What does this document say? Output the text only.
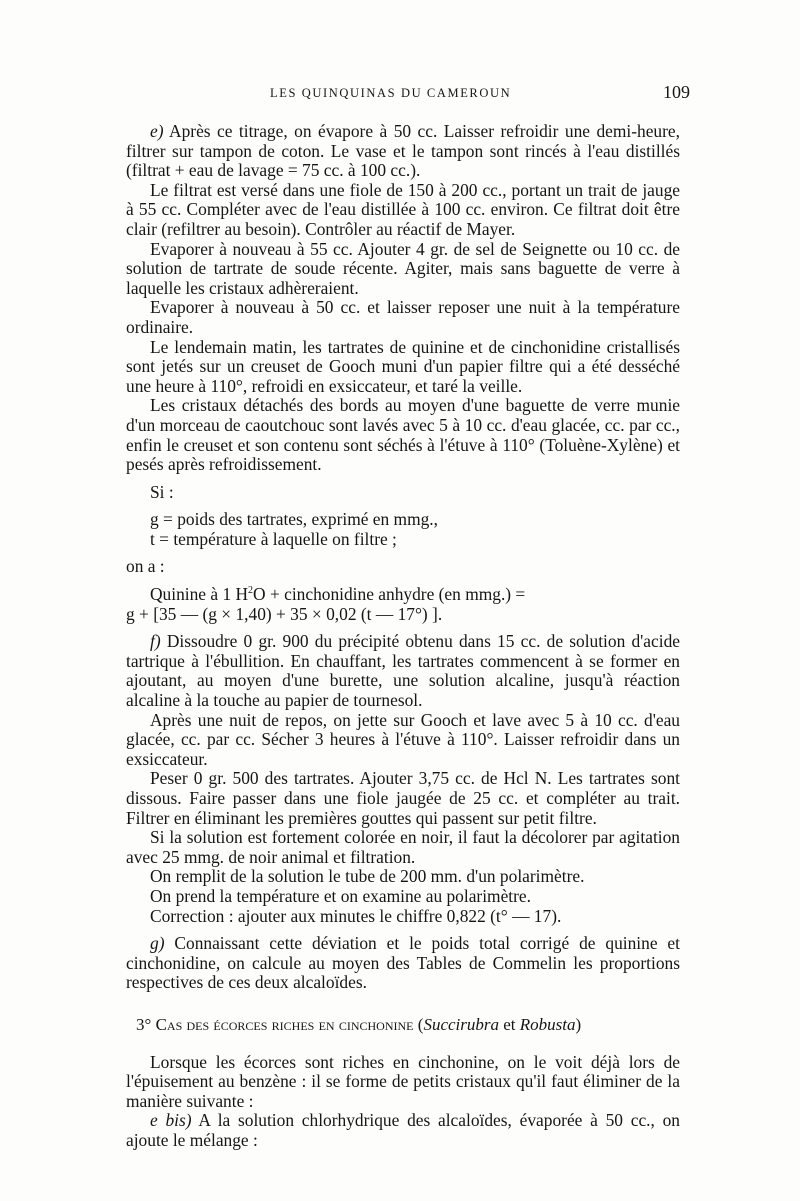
LES QUINQUINAS DU CAMEROUN	109

e) Après ce titrage, on évapore à 50 cc. Laisser refroidir une demi-heure, filtrer sur tampon de coton. Le vase et le tampon sont rincés à l'eau distillés (filtrat + eau de lavage = 75 cc. à 100 cc.).

Le filtrat est versé dans une fiole de 150 à 200 cc., portant un trait de jauge à 55 cc. Compléter avec de l'eau distillée à 100 cc. environ. Ce filtrat doit être clair (refiltrer au besoin). Contrôler au réactif de Mayer.

Evaporer à nouveau à 55 cc. Ajouter 4 gr. de sel de Seignette ou 10 cc. de solution de tartrate de soude récente. Agiter, mais sans baguette de verre à laquelle les cristaux adhèreraient.

Evaporer à nouveau à 50 cc. et laisser reposer une nuit à la température ordinaire.

Le lendemain matin, les tartrates de quinine et de cinchonidine cristallisés sont jetés sur un creuset de Gooch muni d'un papier filtre qui a été desséché une heure à 110°, refroidi en exsiccateur, et taré la veille.

Les cristaux détachés des bords au moyen d'une baguette de verre munie d'un morceau de caoutchouc sont lavés avec 5 à 10 cc. d'eau glacée, cc. par cc., enfin le creuset et son contenu sont séchés à l'étuve à 110° (Toluène-Xylène) et pesés après refroidissement.

Si :

g = poids des tartrates, exprimé en mmg.,

t = température à laquelle on filtre ;

on a :

Quinine à 1 $H^2O$ + cinchonidine anhydre (en mmg.) =

g + [35 — (g × 1,40) + 35 × 0,02 (t — 17°) ].

f) Dissoudre 0 gr. 900 du précipité obtenu dans 15 cc. de solution d'acide tartrique à l'ébullition. En chauffant, les tartrates commencent à se former en ajoutant, au moyen d'une burette, une solution alcaline, jusqu'à réaction alcaline à la touche au papier de tournesol.

Après une nuit de repos, on jette sur Gooch et lave avec 5 à 10 cc. d'eau glacée, cc. par cc. Sécher 3 heures à l'étuve à 110°. Laisser refroidir dans un exsiccateur.

Peser 0 gr. 500 des tartrates. Ajouter 3,75 cc. de Hcl N. Les tartrates sont dissous. Faire passer dans une fiole jaugée de 25 cc. et compléter au trait. Filtrer en éliminant les premières gouttes qui passent sur petit filtre.

Si la solution est fortement colorée en noir, il faut la décolorer par agitation avec 25 mmg. de noir animal et filtration.

On remplit de la solution le tube de 200 mm. d'un polarimètre.

On prend la température et on examine au polarimètre.

Correction : ajouter aux minutes le chiffre 0,822 (t° — 17).

g) Connaissant cette déviation et le poids total corrigé de quinine et cinchonidine, on calcule au moyen des Tables de Commelin les proportions respectives de ces deux alcaloïdes.

3° Cas des écorces riches en cinchonine (Succirubra et Robusta)

Lorsque les écorces sont riches en cinchonine, on le voit déjà lors de l'épuisement au benzène : il se forme de petits cristaux qu'il faut éliminer de la manière suivante :

e bis) A la solution chlorhydrique des alcaloïdes, évaporée à 50 cc., on ajoute le mélange :
